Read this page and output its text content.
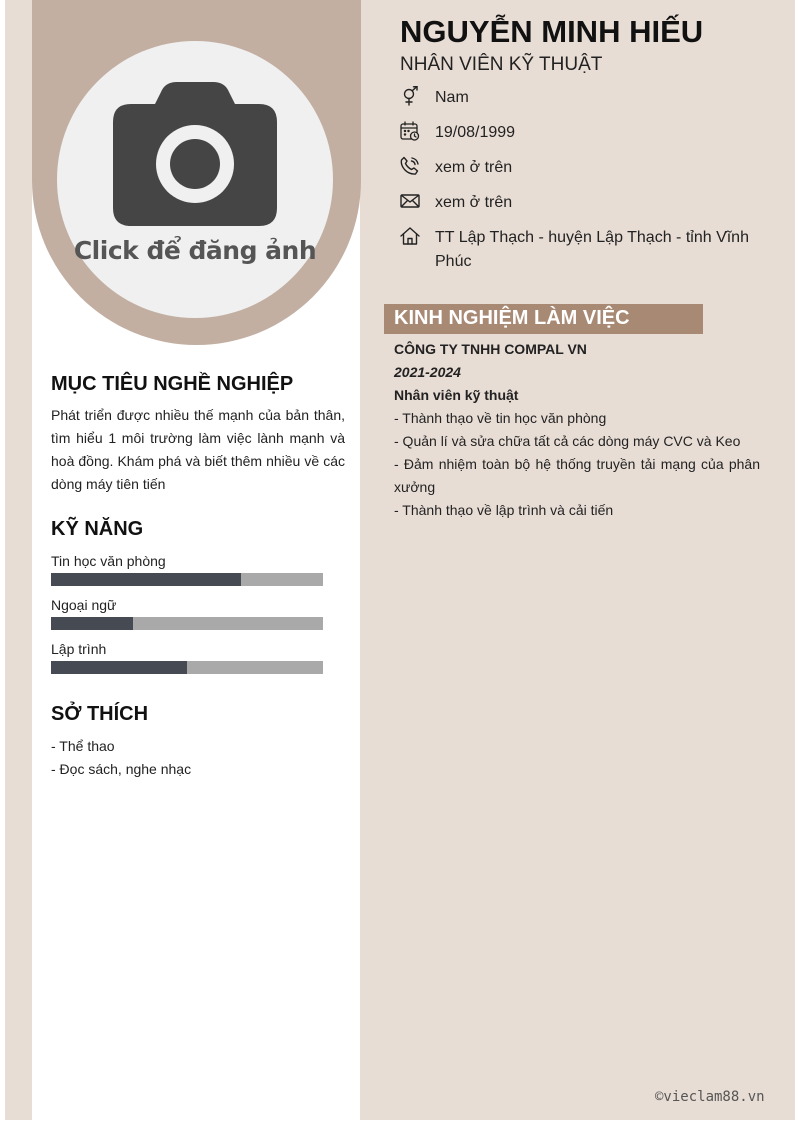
Click để đăng ảnh
NGUYỄN MINH HIẾU
NHÂN VIÊN KỸ THUẬT
Nam
19/08/1999
xem ở trên
xem ở trên
TT Lập Thạch - huyện Lập Thạch - tỉnh Vĩnh Phúc
MỤC TIÊU NGHỀ NGHIỆP

Phát triển được nhiều thế mạnh của bản thân, tìm hiểu 1 môi trường làm việc lành mạnh và hoà đồng. Khám phá và biết thêm nhiều về các dòng máy tiên tiến

KỸ NĂNG
Tin học văn phòng
Ngoại ngữ
Lập trình
SỞ THÍCH
- Thể thao
- Đọc sách, nghe nhạc
KINH NGHIỆM LÀM VIỆC
CÔNG TY TNHH COMPAL VN
2021-2024
Nhân viên kỹ thuật
- Thành thạo về tin học văn phòng
- Quản lí và sửa chữa tất cả các dòng máy CVC và Keo
- Đảm nhiệm toàn bộ hệ thống truyền tải mạng của phân xưởng
- Thành thạo về lập trình và cải tiến
©vieclam88.vn
